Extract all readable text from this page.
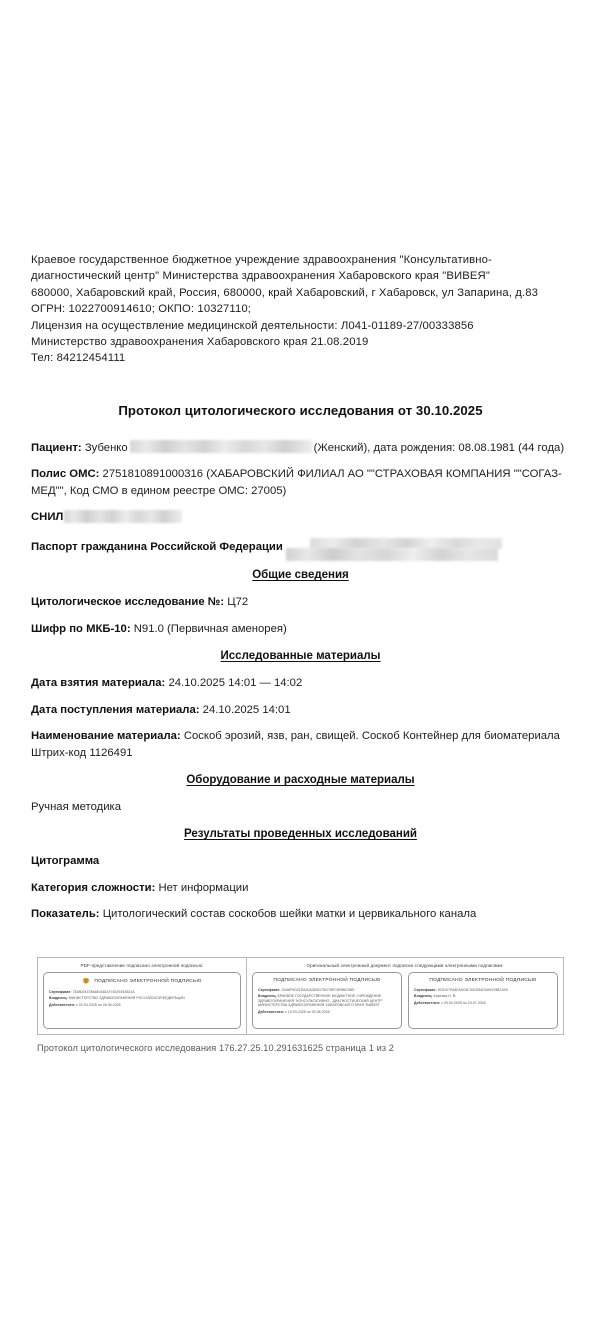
Краевое государственное бюджетное учреждение здравоохранения "Консультативно-диагностический центр" Министерства здравоохранения Хабаровского края "ВИВЕЯ"
680000, Хабаровский край, Россия, 680000, край Хабаровский, г Хабаровск, ул Запарина, д.83
ОГРН: 1022700914610; ОКПО: 10327110;
Лицензия на осуществление медицинской деятельности: Л041-01189-27/00333856
Министерство здравоохранения Хабаровского края 21.08.2019
Тел: 84212454111
Протокол цитологического исследования от 30.10.2025
Пациент: Зубенко	(Женский), дата рождения: 08.08.1981 (44 года)
Полис ОМС: 2751810891000316 (ХАБАРОВСКИЙ ФИЛИАЛ АО ""СТРАХОВАЯ КОМПАНИЯ ""СОГАЗ-МЕД"", Код СМО в едином реестре ОМС: 27005)
СНИЛ
Паспорт гражданина Российской Федерации
Общие сведения
Цитологическое исследование №: Ц72
Шифр по МКБ-10: N91.0 (Первичная аменорея)
Исследованные материалы
Дата взятия материала: 24.10.2025 14:01 — 14:02
Дата поступления материала: 24.10.2025 14:01
Наименование материала: Соскоб эрозий, язв, ран, свищей. Соскоб Контейнер для биоматериала Штрих-код 1126491
Оборудование и расходные материалы
Ручная методика
Результаты проведенных исследований
Цитограмма
Категория сложности: Нет информации
Показатель: Цитологический состав соскобов шейки матки и цервикального канала
PDF-представление подписано электронной подписью:
ПОДПИСАНО ЭЛЕКТРОННОЙ ПОДПИСЬЮ
Сертификат: 75480243786480448JX74029453531A
Владелец: МИНИСТЕРСТВО ЗДРАВООХРАНЕНИЯ РОССИЙСКОЙ ФЕДЕРАЦИИ
Действителен: с 02.04.2025 по 26.06.2026
Оригинальный электронный документ подписан следующими электронными подписями:
ПОДПИСАНО ЭЛЕКТРОННОЙ ПОДПИСЬЮ
Сертификат: 20A6F9D21DA20A3D0D754735F15F8BC98D
Владелец: КРАЕВОЕ ГОСУДАРСТВЕННОЕ БЮДЖЕТНОЕ УЧРЕЖДЕНИЕ ЗДРАВООХРАНЕНИЯ "КОНСУЛЬТАТИВНО - ДИАГНОСТИЧЕСКИЙ ЦЕНТР" МИНИСТЕРСТВА ЗДРАВООХРАНЕНИЯ ХАБАРОВСКОГО КРАЯ "ВИВЕЯ"
Действителен: с 10.03.2025 по 03.06.2026
ПОДПИСАНО ЭЛЕКТРОННОЙ ПОДПИСЬЮ
Сертификат: 9C5107FA4FA9C8C94C534D0A9V0587A09
Владелец: Козлова Н. В.
Действителен: с 29.04.2025 по 23.07.2026
Протокол цитологического исследования 176.27.25.10.291631625 страница 1 из 2
